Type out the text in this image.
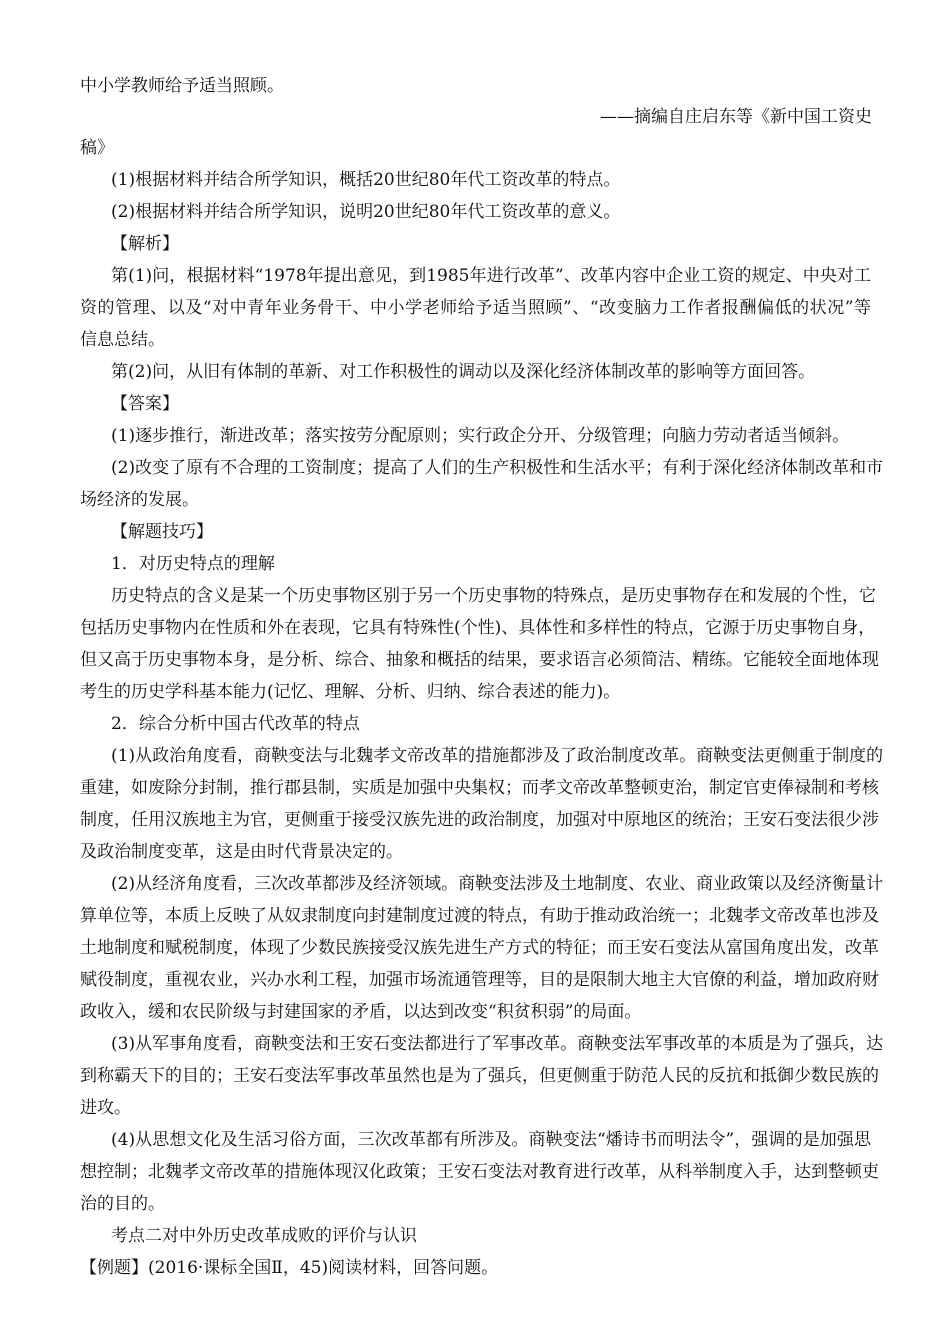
中小学教师给予适当照顾。
——摘编自庄启东等《新中国工资史
稿》
(1)根据材料并结合所学知识，概括20世纪80年代工资改革的特点。
(2)根据材料并结合所学知识，说明20世纪80年代工资改革的意义。
【解析】
第(1)问，根据材料“1978年提出意见，到1985年进行改革”、改革内容中企业工资的规定、中央对工
资的管理、以及“对中青年业务骨干、中小学老师给予适当照顾”、“改变脑力工作者报酬偏低的状况”等
信息总结。
第(2)问，从旧有体制的革新、对工作积极性的调动以及深化经济体制改革的影响等方面回答。
【答案】
(1)逐步推行，渐进改革；落实按劳分配原则；实行政企分开、分级管理；向脑力劳动者适当倾斜。
(2)改变了原有不合理的工资制度；提高了人们的生产积极性和生活水平；有利于深化经济体制改革和市
场经济的发展。
【解题技巧】
1．对历史特点的理解
历史特点的含义是某一个历史事物区别于另一个历史事物的特殊点，是历史事物存在和发展的个性，它
包括历史事物内在性质和外在表现，它具有特殊性(个性)、具体性和多样性的特点，它源于历史事物自身，
但又高于历史事物本身，是分析、综合、抽象和概括的结果，要求语言必须简洁、精练。它能较全面地体现
考生的历史学科基本能力(记忆、理解、分析、归纳、综合表述的能力)。
2．综合分析中国古代改革的特点
(1)从政治角度看，商鞅变法与北魏孝文帝改革的措施都涉及了政治制度改革。商鞅变法更侧重于制度的
重建，如废除分封制，推行郡县制，实质是加强中央集权；而孝文帝改革整顿吏治，制定官吏俸禄制和考核
制度，任用汉族地主为官，更侧重于接受汉族先进的政治制度，加强对中原地区的统治；王安石变法很少涉
及政治制度变革，这是由时代背景决定的。
(2)从经济角度看，三次改革都涉及经济领域。商鞅变法涉及土地制度、农业、商业政策以及经济衡量计
算单位等，本质上反映了从奴隶制度向封建制度过渡的特点，有助于推动政治统一；北魏孝文帝改革也涉及
土地制度和赋税制度，体现了少数民族接受汉族先进生产方式的特征；而王安石变法从富国角度出发，改革
赋役制度，重视农业，兴办水利工程，加强市场流通管理等，目的是限制大地主大官僚的利益，增加政府财
政收入，缓和农民阶级与封建国家的矛盾，以达到改变“积贫积弱”的局面。
(3)从军事角度看，商鞅变法和王安石变法都进行了军事改革。商鞅变法军事改革的本质是为了强兵，达
到称霸天下的目的；王安石变法军事改革虽然也是为了强兵，但更侧重于防范人民的反抗和抵御少数民族的
进攻。
(4)从思想文化及生活习俗方面，三次改革都有所涉及。商鞅变法“燔诗书而明法令”，强调的是加强思
想控制；北魏孝文帝改革的措施体现汉化政策；王安石变法对教育进行改革，从科举制度入手，达到整顿吏
治的目的。
考点二对中外历史改革成败的评价与认识
【例题】(2016·课标全国Ⅱ，45)阅读材料，回答问题。
